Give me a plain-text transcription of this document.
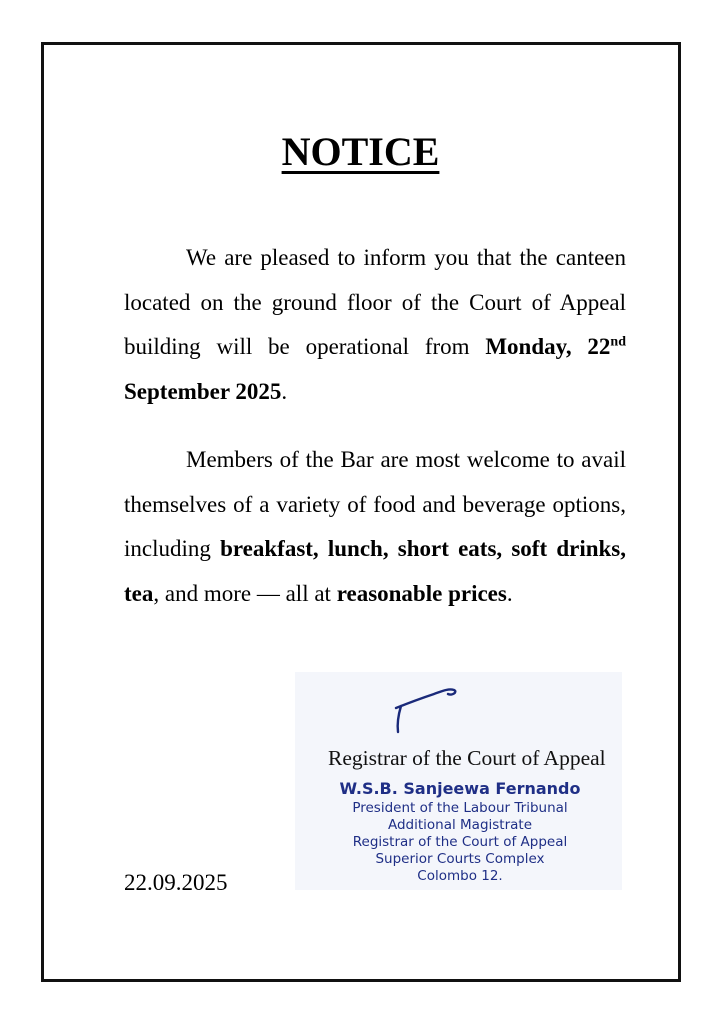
NOTICE

We are pleased to inform you that the canteen located on the ground floor of the Court of Appeal building will be operational from Monday, 22nd September 2025.

Members of the Bar are most welcome to avail themselves of a variety of food and beverage options, including breakfast, lunch, short eats, soft drinks, tea, and more — all at reasonable prices.

Registrar of the Court of Appeal
W.S.B. Sanjeewa Fernando
President of the Labour Tribunal
Additional Magistrate
Registrar of the Court of Appeal
Superior Courts Complex
Colombo 12.
22.09.2025
